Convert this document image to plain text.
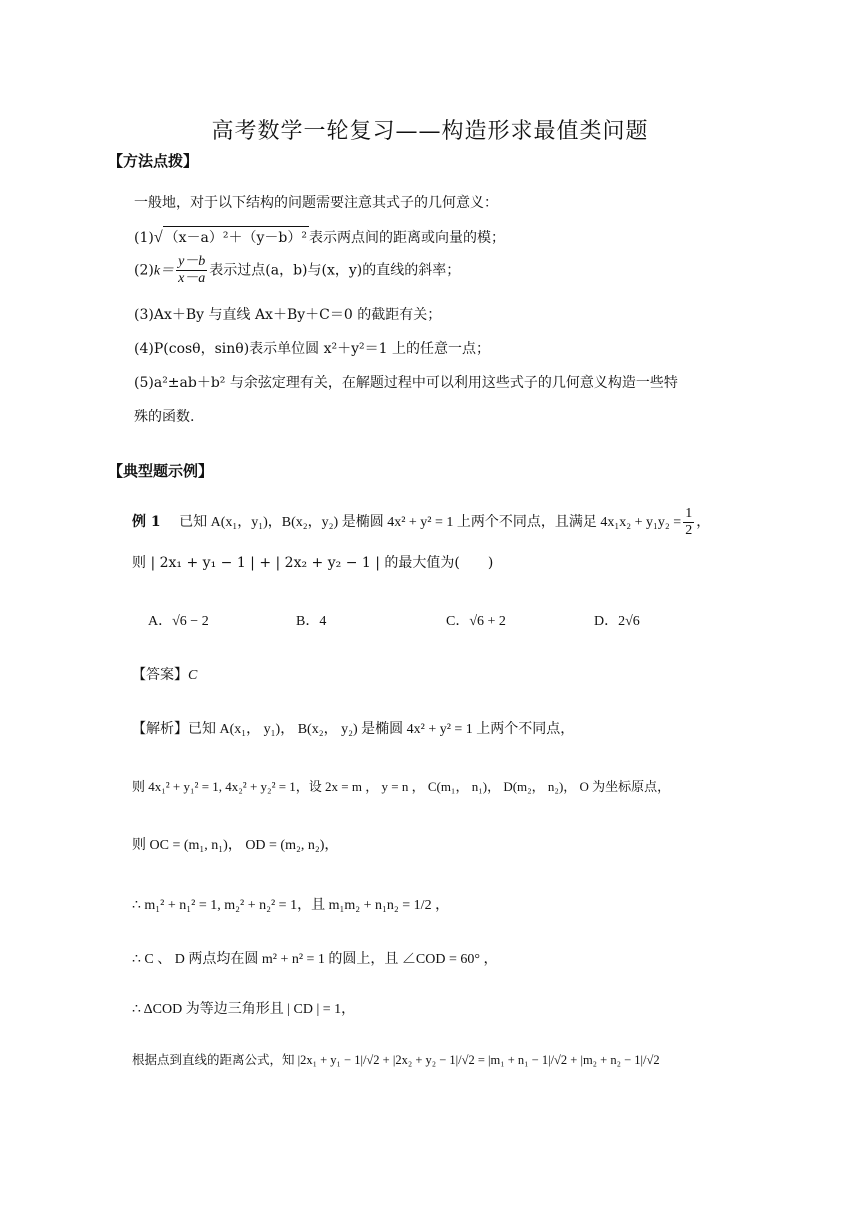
高考数学一轮复习——构造形求最值类问题
【方法点拨】
一般地，对于以下结构的问题需要注意其式子的几何意义：
(1)√ （x－a）²＋（y－b）² 表示两点间的距离或向量的模；
$(2)k= \frac{y-b}{x-a}$ 表示过点(a，b)与(x，y)的直线的斜率；
(3)Ax＋By 与直线 Ax＋By＋C＝0 的截距有关；
(4)P(cosθ，sinθ)表示单位圆 x²＋y²＝1 上的任意一点；
(5)a²±ab＋b² 与余弦定理有关，在解题过程中可以利用这些式子的几何意义构造一些特
殊的函数.
【典型题示例】
例 1　 已知 A(x₁，y₁)，B(x₂，y₂) 是椭圆 4x² + y² = 1 上两个不同点，且满足 $4x_1x_2 + y_1y_2 = \frac{1}{2}$ ，
则 | 2x₁ + y₁ − 1 | + | 2x₂ + y₂ − 1 | 的最大值为(　　)
A．√6 − 2	B．4	C．√6 + 2	D．2√6
【答案】C
【解析】已知 A(x₁， y₁)， B(x₂， y₂) 是椭圆 4x² + y² = 1 上两个不同点，
则 4x₁² + y₁² = 1, 4x₂² + y₂² = 1，设 2x = m ， y = n ， C(m₁， n₁)， D(m₂， n₂)， O 为坐标原点，
则 OC = (m₁, n₁)， OD = (m₂, n₂)，
∴ m₁² + n₁² = 1, m₂² + n₂² = 1，且 m₁m₂ + n₁n₂ = 1/2 ，
∴ C 、 D 两点均在圆 m² + n² = 1 的圆上，且 ∠COD = 60° ，
∴ ΔCOD 为等边三角形且 | CD | = 1，
根据点到直线的距离公式，知 |2x₁ + y₁ − 1|/√2 + |2x₂ + y₂ − 1|/√2 = |m₁ + n₁ − 1|/√2 + |m₂ + n₂ − 1|/√2
